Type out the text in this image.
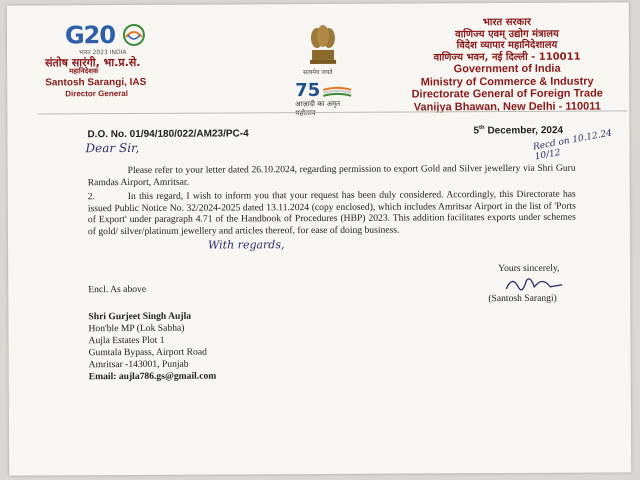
G20
भारत 2023 INDIA
संतोष सारंगी, भा.प्र.से.
महानिदेशक
Santosh Sarangi, IAS
Director General
सत्यमेव जयते
75
आज़ादी का अमृत महोत्सव
भारत सरकार
वाणिज्य एवम् उद्योग मंत्रालय
विदेश व्यापार महानिदेशालय
वाणिज्य भवन, नई दिल्ली - 110011
Government of India
Ministry of Commerce & Industry
Directorate General of Foreign Trade
Vanijya Bhawan, New Delhi - 110011
D.O. No. 01/94/180/022/AM23/PC-4	5th December, 2024
Dear Sir,	Recd on 10.12.24 10/12
Please refer to your letter dated 26.10.2024, regarding permission to export Gold and Silver jewellery via Shri Guru Ramdas Airport, Amritsar.
2.	In this regard, I wish to inform you that your request has been duly considered. Accordingly, this Directorate has issued Public Notice No. 32/2024-2025 dated 13.11.2024 (copy enclosed), which includes Amritsar Airport in the list of 'Ports of Export' under paragraph 4.71 of the Handbook of Procedures (HBP) 2023. This addition facilitates exports under schemes of gold/ silver/platinum jewellery and articles thereof, for ease of doing business.
With regards,
Yours sincerely,
(Santosh Sarangi)
Encl. As above
Shri Gurjeet Singh Aujla
Hon'ble MP (Lok Sabha)
Aujla Estates Plot 1
Gumtala Bypass, Airport Road
Amritsar -143001, Punjab
Email: aujla786.gs@gmail.com
